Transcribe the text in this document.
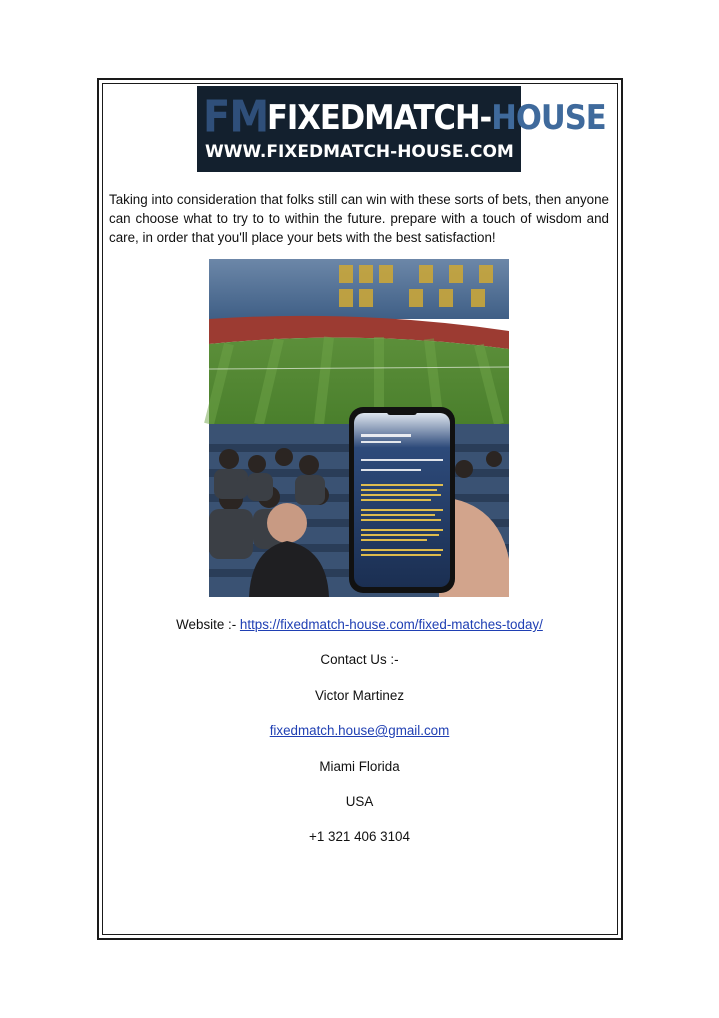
FM
FIXEDMATCH-HOUSE
WWW.FIXEDMATCH-HOUSE.COM

Taking into consideration that folks still can win with these sorts of bets, then anyone can choose what to try to to within the future. prepare with a touch of wisdom and care, in order that you'll place your bets with the best satisfaction!

Website :- https://fixedmatch-house.com/fixed-matches-today/

Contact Us :-

Victor Martinez

fixedmatch.house@gmail.com

Miami Florida

USA

+1 321 406 3104
